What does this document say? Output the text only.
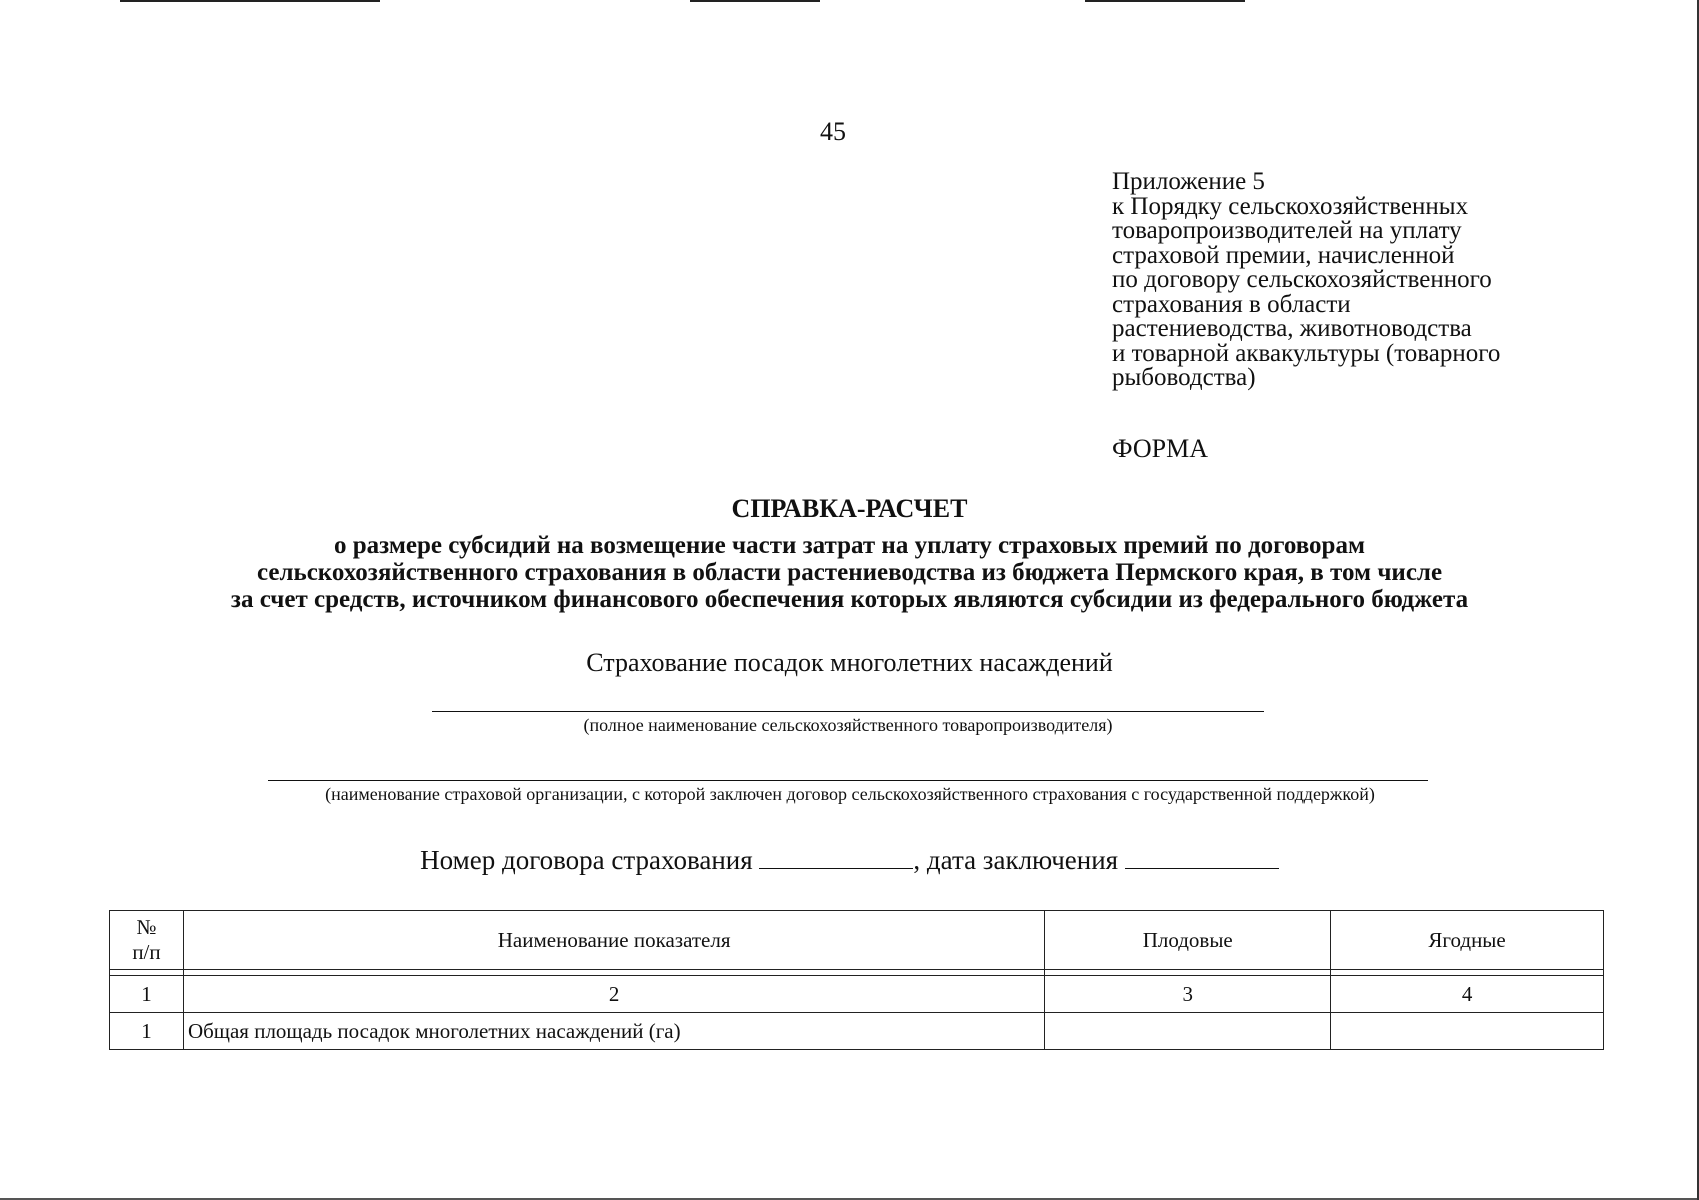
45
Приложение 5
к Порядку сельскохозяйственных
товаропроизводителей на уплату
страховой премии, начисленной
по договору сельскохозяйственного
страхования в области
растениеводства, животноводства
и товарной аквакультуры (товарного
рыбоводства)
ФОРМА
СПРАВКА-РАСЧЕТ
о размере субсидий на возмещение части затрат на уплату страховых премий по договорам
сельскохозяйственного страхования в области растениеводства из бюджета Пермского края, в том числе
за счет средств, источником финансового обеспечения которых являются субсидии из федерального бюджета
Страхование посадок многолетних насаждений
(полное наименование сельскохозяйственного товаропроизводителя)
(наименование страховой организации, с которой заключен договор сельскохозяйственного страхования с государственной поддержкой)
Номер договора страхования	, дата заключения
№
п/п	Наименование показателя	Плодовые	Ягодные

1	2	3	4
1	Общая площадь посадок многолетних насаждений (га)		
